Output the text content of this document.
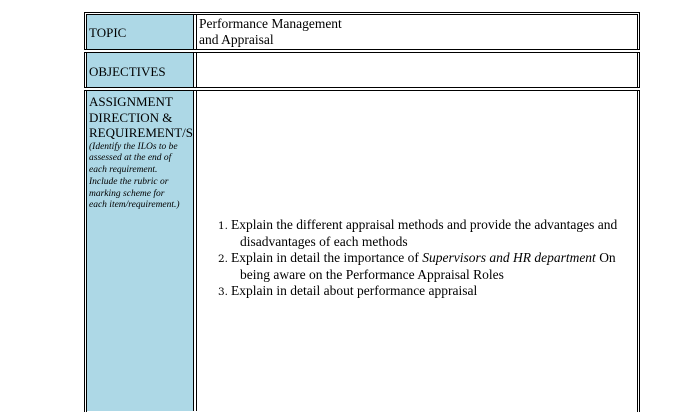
TOPIC
Performance Management
and Appraisal
OBJECTIVES
ASSIGNMENT
DIRECTION &
REQUIREMENT/S
(Identify the ILOs to be
assessed at the end of
each requirement.
Include the rubric or
marking scheme for
each item/requirement.)
1. Explain the different appraisal methods and provide the advantages and
disadvantages of each methods
2. Explain in detail the importance of Supervisors and HR department On
being aware on the Performance Appraisal Roles
3. Explain in detail about performance appraisal
